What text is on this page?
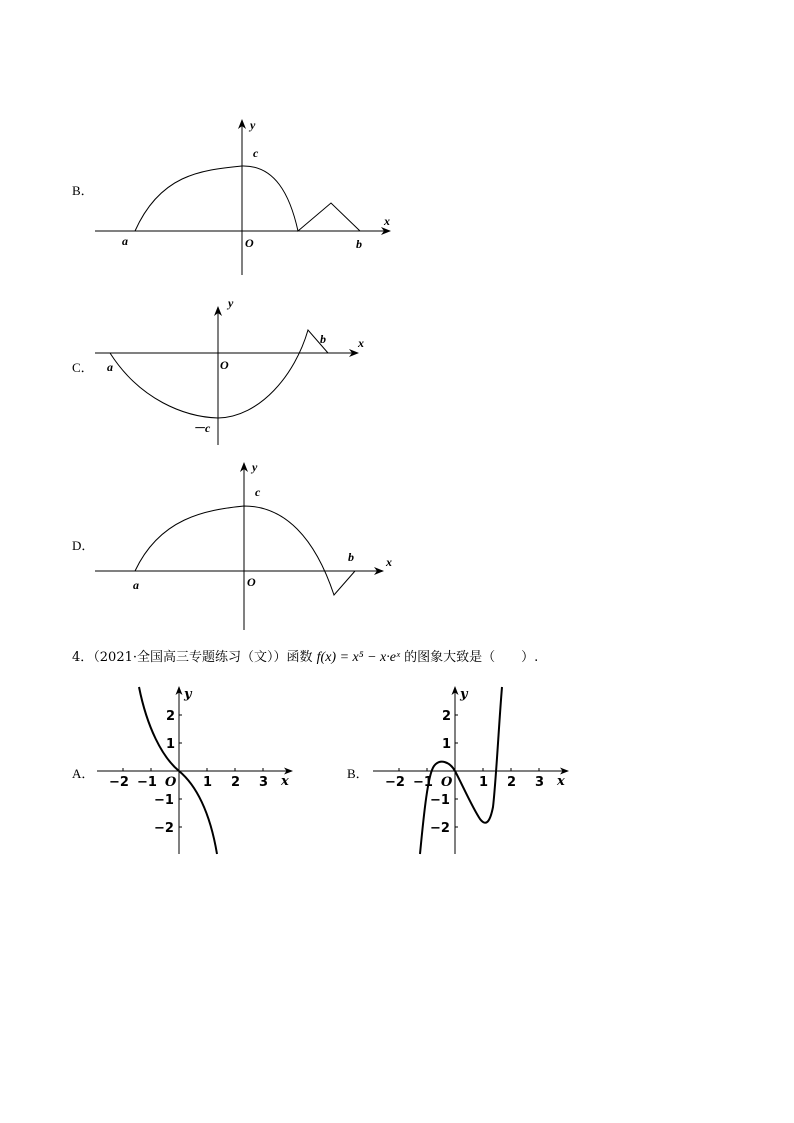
B．
y
x
c
a	O	b
C．
y
x
b
a	O
－c
D．
y
x
c
b
a	O
4．（2021·全国高三专题练习（文））函数 f(x) = x⁵ − x·eˣ 的图象大致是（　　）.
A．
−2 −1 O 1 2 3 x
y
2
1
−1
−2
B．
−2 −1 O 1 2 3 x
y
2
1
−1
−2
